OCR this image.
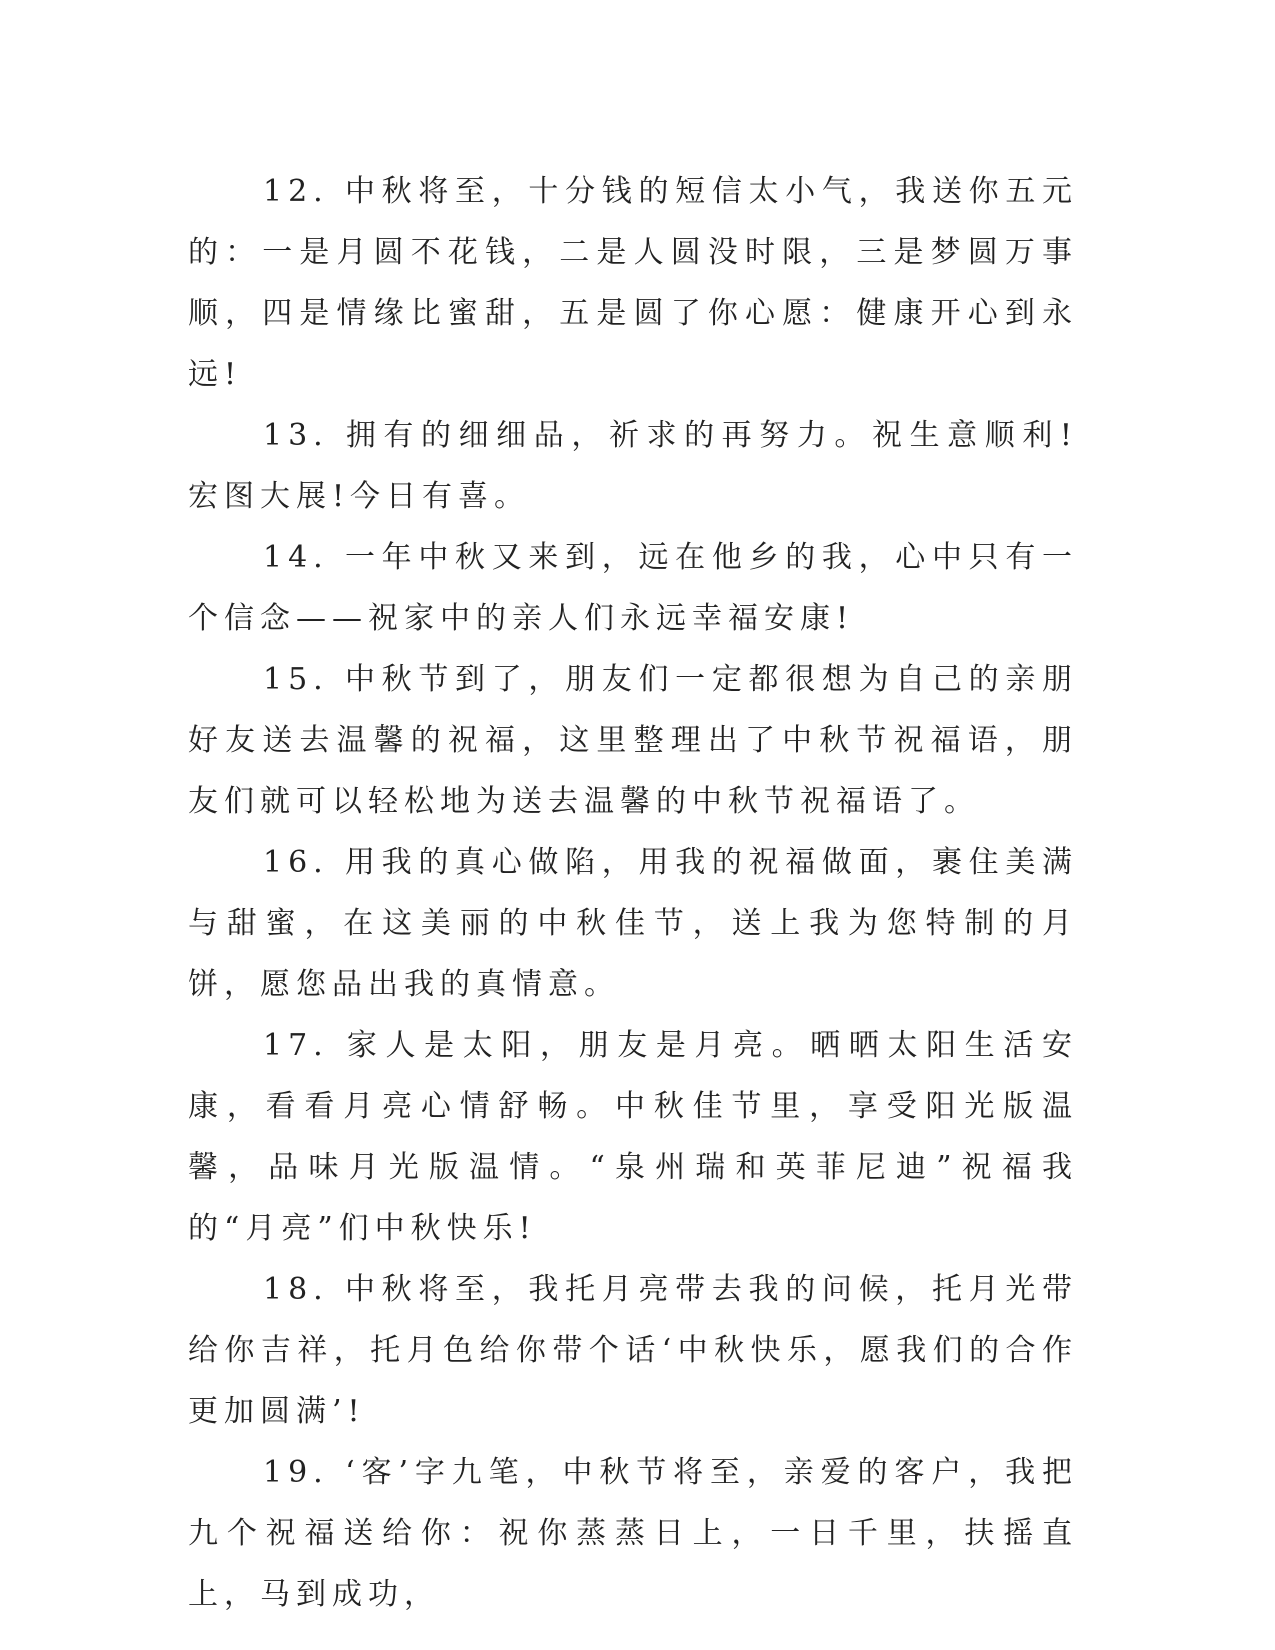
12. 中秋将至，十分钱的短信太小气，我送你五元的：一是月圆不花钱，二是人圆没时限，三是梦圆万事顺，四是情缘比蜜甜，五是圆了你心愿：健康开心到永远!

13. 拥有的细细品，祈求的再努力。祝生意顺利!宏图大展!今日有喜。

14. 一年中秋又来到，远在他乡的我，心中只有一个信念——祝家中的亲人们永远幸福安康!

15. 中秋节到了，朋友们一定都很想为自己的亲朋好友送去温馨的祝福，这里整理出了中秋节祝福语，朋友们就可以轻松地为送去温馨的中秋节祝福语了。

16. 用我的真心做陷，用我的祝福做面，裹住美满与甜蜜，在这美丽的中秋佳节，送上我为您特制的月饼，愿您品出我的真情意。

17. 家人是太阳，朋友是月亮。晒晒太阳生活安康，看看月亮心情舒畅。中秋佳节里，享受阳光版温馨，品味月光版温情。“泉州瑞和英菲尼迪”祝福我的“月亮”们中秋快乐!

18. 中秋将至，我托月亮带去我的问候，托月光带给你吉祥，托月色给你带个话‘中秋快乐，愿我们的合作更加圆满’!

19. ‘客’字九笔，中秋节将至，亲爱的客户，我把九个祝福送给你：祝你蒸蒸日上，一日千里，扶摇直上，马到成功，
